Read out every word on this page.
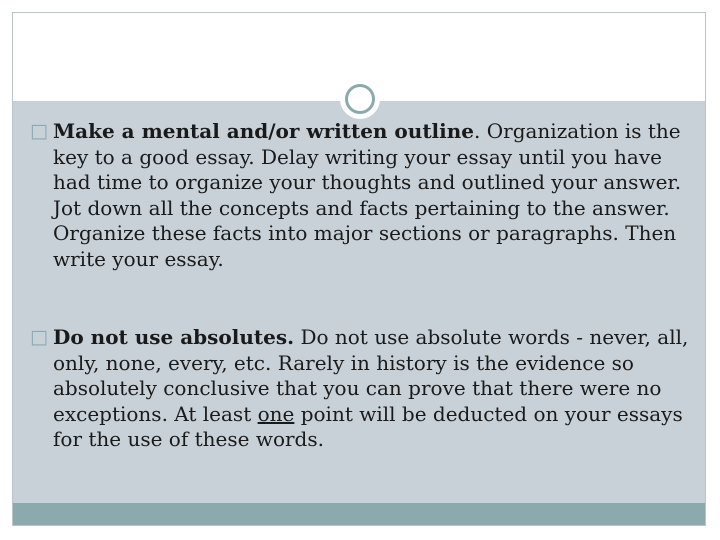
□ Make a mental and/or written outline. Organization is the key to a good essay. Delay writing your essay until you have had time to organize your thoughts and outlined your answer. Jot down all the concepts and facts pertaining to the answer. Organize these facts into major sections or paragraphs. Then write your essay.
□ Do not use absolutes. Do not use absolute words - never, all, only, none, every, etc. Rarely in history is the evidence so absolutely conclusive that you can prove that there were no exceptions. At least one point will be deducted on your essays for the use of these words.
